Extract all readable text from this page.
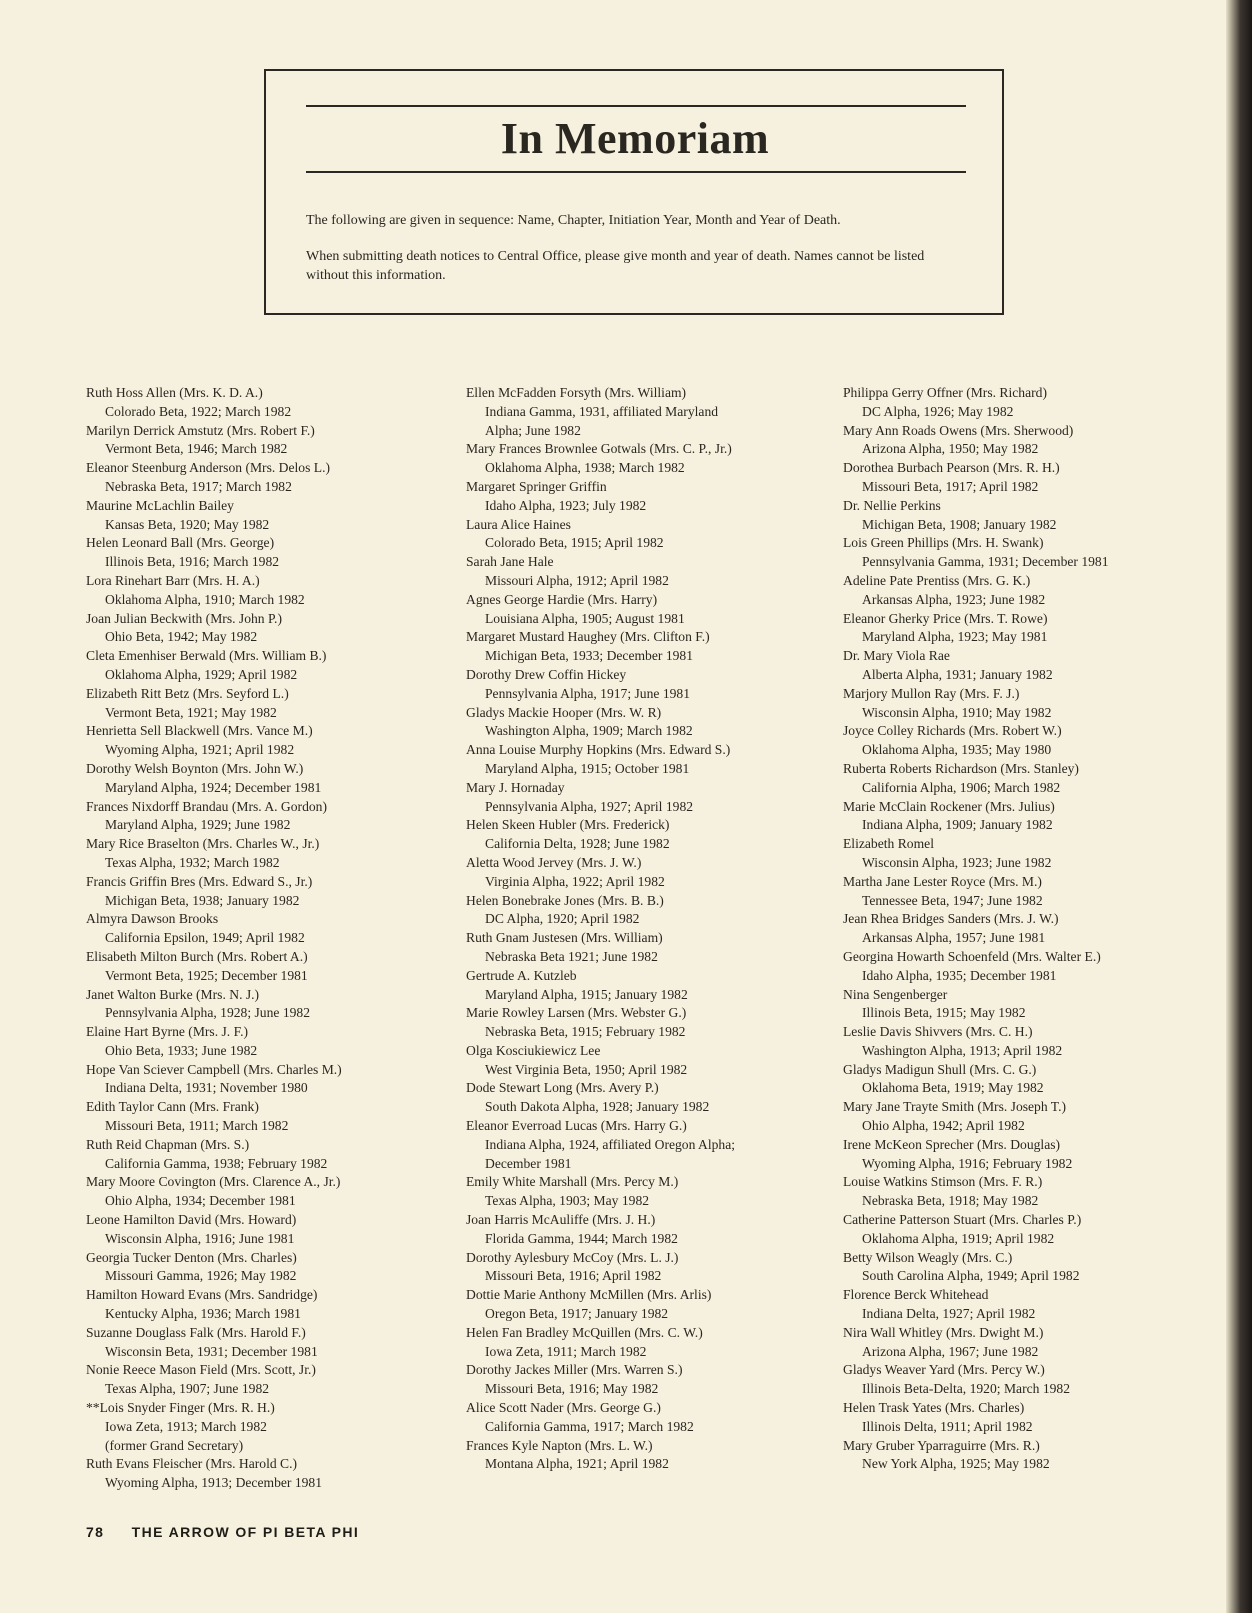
In Memoriam
The following are given in sequence: Name, Chapter, Initiation Year, Month and Year of Death.
When submitting death notices to Central Office, please give month and year of death. Names cannot be listed without this information.
Ruth Hoss Allen (Mrs. K. D. A.)
Colorado Beta, 1922; March 1982
Marilyn Derrick Amstutz (Mrs. Robert F.)
Vermont Beta, 1946; March 1982
Eleanor Steenburg Anderson (Mrs. Delos L.)
Nebraska Beta, 1917; March 1982
Maurine McLachlin Bailey
Kansas Beta, 1920; May 1982
Helen Leonard Ball (Mrs. George)
Illinois Beta, 1916; March 1982
Lora Rinehart Barr (Mrs. H. A.)
Oklahoma Alpha, 1910; March 1982
Joan Julian Beckwith (Mrs. John P.)
Ohio Beta, 1942; May 1982
Cleta Emenhiser Berwald (Mrs. William B.)
Oklahoma Alpha, 1929; April 1982
Elizabeth Ritt Betz (Mrs. Seyford L.)
Vermont Beta, 1921; May 1982
Henrietta Sell Blackwell (Mrs. Vance M.)
Wyoming Alpha, 1921; April 1982
Dorothy Welsh Boynton (Mrs. John W.)
Maryland Alpha, 1924; December 1981
Frances Nixdorff Brandau (Mrs. A. Gordon)
Maryland Alpha, 1929; June 1982
Mary Rice Braselton (Mrs. Charles W., Jr.)
Texas Alpha, 1932; March 1982
Francis Griffin Bres (Mrs. Edward S., Jr.)
Michigan Beta, 1938; January 1982
Almyra Dawson Brooks
California Epsilon, 1949; April 1982
Elisabeth Milton Burch (Mrs. Robert A.)
Vermont Beta, 1925; December 1981
Janet Walton Burke (Mrs. N. J.)
Pennsylvania Alpha, 1928; June 1982
Elaine Hart Byrne (Mrs. J. F.)
Ohio Beta, 1933; June 1982
Hope Van Sciever Campbell (Mrs. Charles M.)
Indiana Delta, 1931; November 1980
Edith Taylor Cann (Mrs. Frank)
Missouri Beta, 1911; March 1982
Ruth Reid Chapman (Mrs. S.)
California Gamma, 1938; February 1982
Mary Moore Covington (Mrs. Clarence A., Jr.)
Ohio Alpha, 1934; December 1981
Leone Hamilton David (Mrs. Howard)
Wisconsin Alpha, 1916; June 1981
Georgia Tucker Denton (Mrs. Charles)
Missouri Gamma, 1926; May 1982
Hamilton Howard Evans (Mrs. Sandridge)
Kentucky Alpha, 1936; March 1981
Suzanne Douglass Falk (Mrs. Harold F.)
Wisconsin Beta, 1931; December 1981
Nonie Reece Mason Field (Mrs. Scott, Jr.)
Texas Alpha, 1907; June 1982
**Lois Snyder Finger (Mrs. R. H.)
Iowa Zeta, 1913; March 1982
(former Grand Secretary)
Ruth Evans Fleischer (Mrs. Harold C.)
Wyoming Alpha, 1913; December 1981
Ellen McFadden Forsyth (Mrs. William)
Indiana Gamma, 1931, affiliated Maryland
Alpha; June 1982
Mary Frances Brownlee Gotwals (Mrs. C. P., Jr.)
Oklahoma Alpha, 1938; March 1982
Margaret Springer Griffin
Idaho Alpha, 1923; July 1982
Laura Alice Haines
Colorado Beta, 1915; April 1982
Sarah Jane Hale
Missouri Alpha, 1912; April 1982
Agnes George Hardie (Mrs. Harry)
Louisiana Alpha, 1905; August 1981
Margaret Mustard Haughey (Mrs. Clifton F.)
Michigan Beta, 1933; December 1981
Dorothy Drew Coffin Hickey
Pennsylvania Alpha, 1917; June 1981
Gladys Mackie Hooper (Mrs. W. R)
Washington Alpha, 1909; March 1982
Anna Louise Murphy Hopkins (Mrs. Edward S.)
Maryland Alpha, 1915; October 1981
Mary J. Hornaday
Pennsylvania Alpha, 1927; April 1982
Helen Skeen Hubler (Mrs. Frederick)
California Delta, 1928; June 1982
Aletta Wood Jervey (Mrs. J. W.)
Virginia Alpha, 1922; April 1982
Helen Bonebrake Jones (Mrs. B. B.)
DC Alpha, 1920; April 1982
Ruth Gnam Justesen (Mrs. William)
Nebraska Beta 1921; June 1982
Gertrude A. Kutzleb
Maryland Alpha, 1915; January 1982
Marie Rowley Larsen (Mrs. Webster G.)
Nebraska Beta, 1915; February 1982
Olga Kosciukiewicz Lee
West Virginia Beta, 1950; April 1982
Dode Stewart Long (Mrs. Avery P.)
South Dakota Alpha, 1928; January 1982
Eleanor Everroad Lucas (Mrs. Harry G.)
Indiana Alpha, 1924, affiliated Oregon Alpha;
December 1981
Emily White Marshall (Mrs. Percy M.)
Texas Alpha, 1903; May 1982
Joan Harris McAuliffe (Mrs. J. H.)
Florida Gamma, 1944; March 1982
Dorothy Aylesbury McCoy (Mrs. L. J.)
Missouri Beta, 1916; April 1982
Dottie Marie Anthony McMillen (Mrs. Arlis)
Oregon Beta, 1917; January 1982
Helen Fan Bradley McQuillen (Mrs. C. W.)
Iowa Zeta, 1911; March 1982
Dorothy Jackes Miller (Mrs. Warren S.)
Missouri Beta, 1916; May 1982
Alice Scott Nader (Mrs. George G.)
California Gamma, 1917; March 1982
Frances Kyle Napton (Mrs. L. W.)
Montana Alpha, 1921; April 1982
Philippa Gerry Offner (Mrs. Richard)
DC Alpha, 1926; May 1982
Mary Ann Roads Owens (Mrs. Sherwood)
Arizona Alpha, 1950; May 1982
Dorothea Burbach Pearson (Mrs. R. H.)
Missouri Beta, 1917; April 1982
Dr. Nellie Perkins
Michigan Beta, 1908; January 1982
Lois Green Phillips (Mrs. H. Swank)
Pennsylvania Gamma, 1931; December 1981
Adeline Pate Prentiss (Mrs. G. K.)
Arkansas Alpha, 1923; June 1982
Eleanor Gherky Price (Mrs. T. Rowe)
Maryland Alpha, 1923; May 1981
Dr. Mary Viola Rae
Alberta Alpha, 1931; January 1982
Marjory Mullon Ray (Mrs. F. J.)
Wisconsin Alpha, 1910; May 1982
Joyce Colley Richards (Mrs. Robert W.)
Oklahoma Alpha, 1935; May 1980
Ruberta Roberts Richardson (Mrs. Stanley)
California Alpha, 1906; March 1982
Marie McClain Rockener (Mrs. Julius)
Indiana Alpha, 1909; January 1982
Elizabeth Romel
Wisconsin Alpha, 1923; June 1982
Martha Jane Lester Royce (Mrs. M.)
Tennessee Beta, 1947; June 1982
Jean Rhea Bridges Sanders (Mrs. J. W.)
Arkansas Alpha, 1957; June 1981
Georgina Howarth Schoenfeld (Mrs. Walter E.)
Idaho Alpha, 1935; December 1981
Nina Sengenberger
Illinois Beta, 1915; May 1982
Leslie Davis Shivvers (Mrs. C. H.)
Washington Alpha, 1913; April 1982
Gladys Madigun Shull (Mrs. C. G.)
Oklahoma Beta, 1919; May 1982
Mary Jane Trayte Smith (Mrs. Joseph T.)
Ohio Alpha, 1942; April 1982
Irene McKeon Sprecher (Mrs. Douglas)
Wyoming Alpha, 1916; February 1982
Louise Watkins Stimson (Mrs. F. R.)
Nebraska Beta, 1918; May 1982
Catherine Patterson Stuart (Mrs. Charles P.)
Oklahoma Alpha, 1919; April 1982
Betty Wilson Weagly (Mrs. C.)
South Carolina Alpha, 1949; April 1982
Florence Berck Whitehead
Indiana Delta, 1927; April 1982
Nira Wall Whitley (Mrs. Dwight M.)
Arizona Alpha, 1967; June 1982
Gladys Weaver Yard (Mrs. Percy W.)
Illinois Beta-Delta, 1920; March 1982
Helen Trask Yates (Mrs. Charles)
Illinois Delta, 1911; April 1982
Mary Gruber Yparraguirre (Mrs. R.)
New York Alpha, 1925; May 1982
78 THE ARROW OF PI BETA PHI
